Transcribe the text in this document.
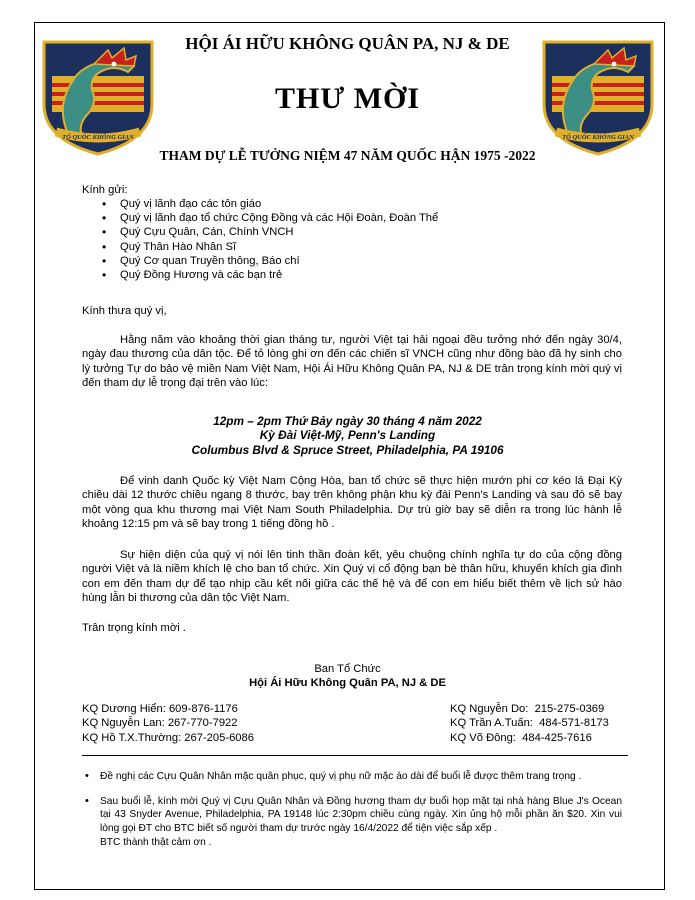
TỔ QUỐC KHÔNG GIAN	TỔ QUỐC KHÔNG GIAN
HỘI ÁI HỮU KHÔNG QUÂN PA, NJ & DE
THƯ MỜI
THAM DỰ LỄ TƯỞNG NIỆM 47 NĂM QUỐC HẬN 1975 -2022
Kính gửi:
• Quý vị lãnh đạo các tôn giáo
• Quý vị lãnh đạo tổ chức Cộng Đồng và các Hội Đoàn, Đoàn Thể
• Quý Cựu Quân, Cán, Chính VNCH
• Quý Thân Hào Nhân Sĩ
• Quý Cơ quan Truyền thông, Báo chí
• Quý Đồng Hương và các bạn trẻ
Kính thưa quý vị,
Hằng năm vào khoảng thời gian tháng tư, người Việt tại hải ngoại đều tưởng nhớ đến ngày 30/4, ngày đau thương của dân tộc. Để tỏ lòng ghi ơn đến các chiến sĩ VNCH cũng như đồng bào đã hy sinh cho lý tưởng Tự do bảo vệ miền Nam Việt Nam, Hội Ái Hữu Không Quân PA, NJ & DE trân trọng kính mời quý vị đến tham dự lễ trọng đại trên vào lúc:
12pm – 2pm Thứ Bảy ngày 30 tháng 4 năm 2022
Kỳ Đài Việt-Mỹ, Penn's Landing
Columbus Blvd & Spruce Street, Philadelphia, PA 19106
Để vinh danh Quốc kỳ Việt Nam Cộng Hòa, ban tổ chức sẽ thực hiện mướn phi cơ kéo lá Đại Kỳ chiều dài 12 thước chiều ngang 8 thước, bay trên không phận khu kỳ đài Penn's Landing và sau đó sẽ bay một vòng qua khu thương mại Việt Nam South Philadelphia. Dự trù giờ bay sẽ diễn ra trong lúc hành lễ khoảng 12:15 pm và sẽ bay trong 1 tiếng đồng hồ .
Sự hiện diện của quý vị nói lên tinh thần đoàn kết, yêu chuộng chính nghĩa tự do của cộng đồng người Việt và là niềm khích lệ cho ban tổ chức. Xin Quý vị cổ động bạn bè thân hữu, khuyến khích gia đình con em đến tham dự để tạo nhịp cầu kết nối giữa các thế hệ và để con em hiểu biết thêm về lịch sử hào hùng lẫn bi thương của dân tộc Việt Nam.
Trân trọng kính mời .
Ban Tổ Chức
Hội Ái Hữu Không Quân PA, NJ & DE
KQ Dương Hiển: 609-876-1176
KQ Nguyễn Lan: 267-770-7922
KQ Hồ T.X.Thường: 267-205-6086
KQ Nguyễn Do:  215-275-0369
KQ Trần A.Tuấn:  484-571-8173
KQ Võ Đông:  484-425-7616
• Đề nghị các Cựu Quân Nhân mặc quân phục, quý vị phụ nữ mặc áo dài để buổi lễ được thêm trang trọng .
• Sau buổi lễ, kính mời Quý vị Cựu Quân Nhân và Đồng hương tham dự buổi họp mặt tại nhà hàng Blue J's Ocean tại 43 Snyder Avenue, Philadelphia, PA 19148 lúc 2:30pm chiều cùng ngày. Xin ủng hộ mỗi phần ăn $20. Xin vui lòng gọi ĐT cho BTC biết số người tham dự trước ngày 16/4/2022 để tiện việc sắp xếp .
BTC thành thật cảm ơn .
